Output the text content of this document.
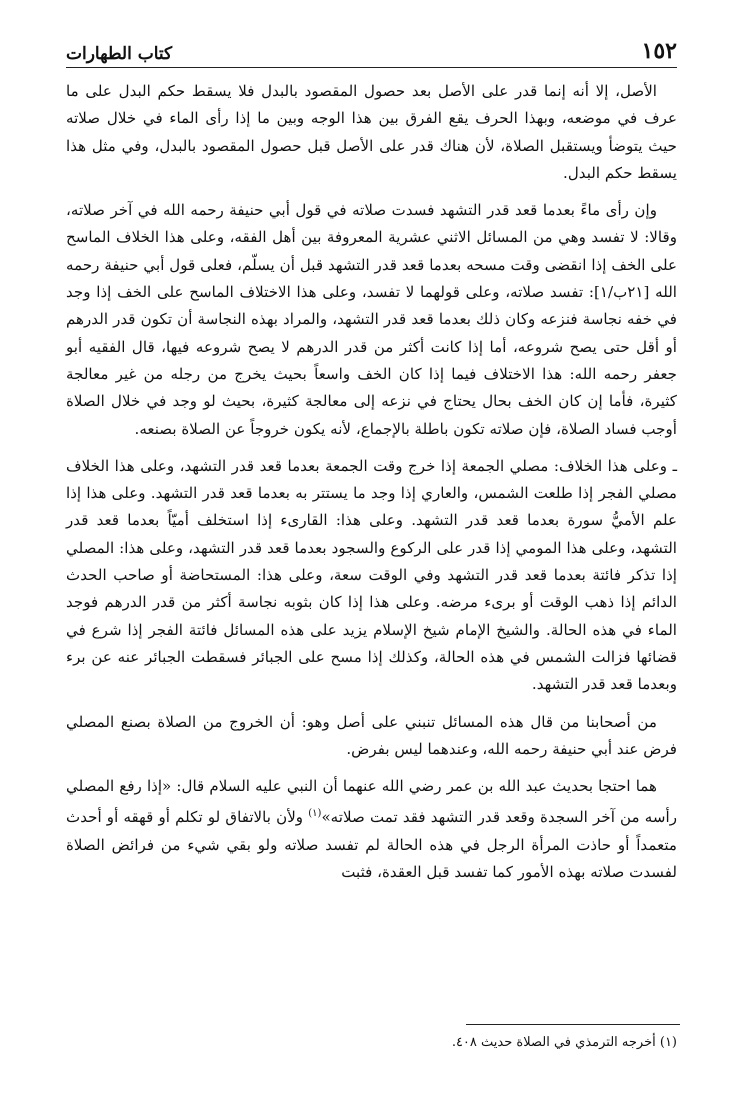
١٥٢
كتاب الطهارات

الأصل، إلا أنه إنما قدر على الأصل بعد حصول المقصود بالبدل فلا يسقط حكم البدل على ما عرف في موضعه، وبهذا الحرف يقع الفرق بين هذا الوجه وبين ما إذا رأى الماء في خلال صلاته حيث يتوضأ ويستقبل الصلاة، لأن هناك قدر على الأصل قبل حصول المقصود بالبدل، وفي مثل هذا يسقط حكم البدل.

وإن رأى ماءً بعدما قعد قدر التشهد فسدت صلاته في قول أبي حنيفة رحمه الله في آخر صلاته، وقالا: لا تفسد وهي من المسائل الاثني عشرية المعروفة بين أهل الفقه، وعلى هذا الخلاف الماسح على الخف إذا انقضى وقت مسحه بعدما قعد قدر التشهد قبل أن يسلّم، فعلى قول أبي حنيفة رحمه الله [٢١ب/١]: تفسد صلاته، وعلى قولهما لا تفسد، وعلى هذا الاختلاف الماسح على الخف إذا وجد في خفه نجاسة فنزعه وكان ذلك بعدما قعد قدر التشهد، والمراد بهذه النجاسة أن تكون قدر الدرهم أو أقل حتى يصح شروعه، أما إذا كانت أكثر من قدر الدرهم لا يصح شروعه فيها، قال الفقيه أبو جعفر رحمه الله: هذا الاختلاف فيما إذا كان الخف واسعاً بحيث يخرج من رجله من غير معالجة كثيرة، فأما إن كان الخف بحال يحتاج في نزعه إلى معالجة كثيرة، بحيث لو وجد في خلال الصلاة أوجب فساد الصلاة، فإن صلاته تكون باطلة بالإجماع، لأنه يكون خروجاً عن الصلاة بصنعه.

ـ وعلى هذا الخلاف: مصلي الجمعة إذا خرج وقت الجمعة بعدما قعد قدر التشهد، وعلى هذا الخلاف مصلي الفجر إذا طلعت الشمس، والعاري إذا وجد ما يستتر به بعدما قعد قدر التشهد. وعلى هذا إذا علم الأميُّ سورة بعدما قعد قدر التشهد. وعلى هذا: القارىء إذا استخلف أميّاً بعدما قعد قدر التشهد، وعلى هذا المومي إذا قدر على الركوع والسجود بعدما قعد قدر التشهد، وعلى هذا: المصلي إذا تذكر فائتة بعدما قعد قدر التشهد وفي الوقت سعة، وعلى هذا: المستحاضة أو صاحب الحدث الدائم إذا ذهب الوقت أو برىء مرضه. وعلى هذا إذا كان بثوبه نجاسة أكثر من قدر الدرهم فوجد الماء في هذه الحالة. والشيخ الإمام شيخ الإسلام يزيد على هذه المسائل فائتة الفجر إذا شرع في قضائها فزالت الشمس في هذه الحالة، وكذلك إذا مسح على الجبائر فسقطت الجبائر عنه عن برء وبعدما قعد قدر التشهد.

من أصحابنا من قال هذه المسائل تنبني على أصل وهو: أن الخروج من الصلاة بصنع المصلي فرض عند أبي حنيفة رحمه الله، وعندهما ليس بفرض.

هما احتجا بحديث عبد الله بن عمر رضي الله عنهما أن النبي عليه السلام قال: «إذا رفع المصلي رأسه من آخر السجدة وقعد قدر التشهد فقد تمت صلاته»$^{(١)}$ ولأن بالاتفاق لو تكلم أو قهقه أو أحدث متعمداً أو حاذت المرأة الرجل في هذه الحالة لم تفسد صلاته ولو بقي شيء من فرائض الصلاة لفسدت صلاته بهذه الأمور كما تفسد قبل العقدة، فثبت

(١) أخرجه الترمذي في الصلاة حديث ٤٠٨.
